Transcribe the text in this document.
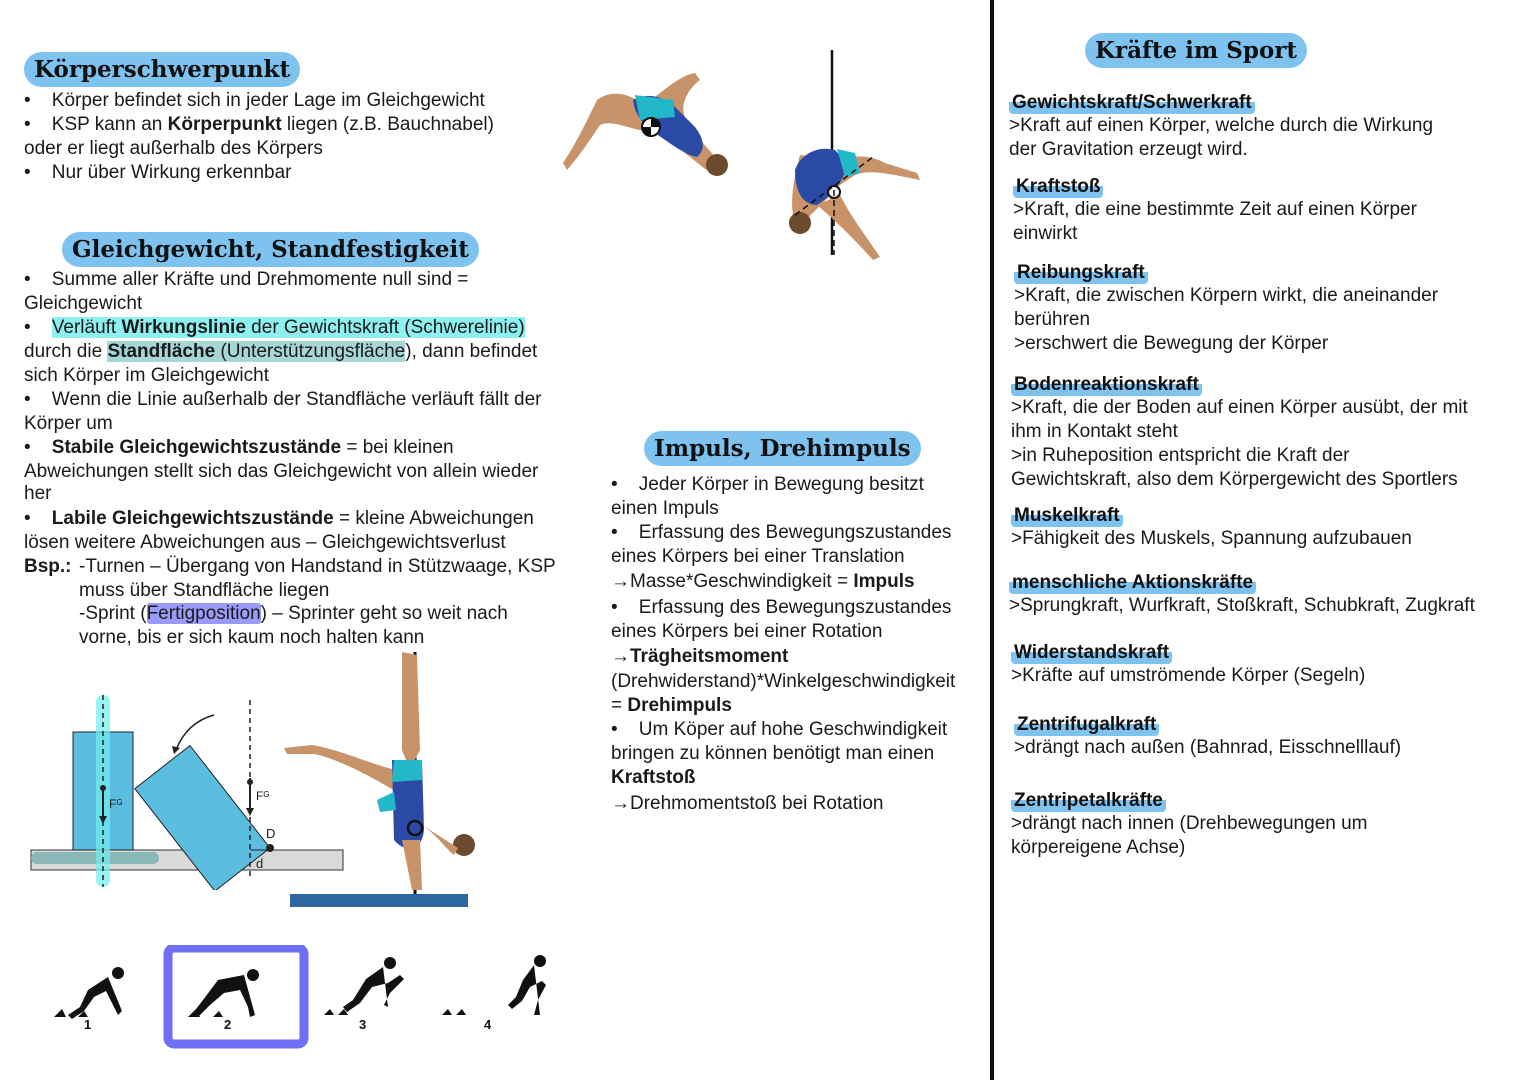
Körperschwerpunkt
•    Körper befindet sich in jeder Lage im Gleichgewicht
•    KSP kann an Körperpunkt liegen (z.B. Bauchnabel)
oder er liegt außerhalb des Körpers
•    Nur über Wirkung erkennbar
Gleichgewicht, Standfestigkeit
•    Summe aller Kräfte und Drehmomente null sind =
Gleichgewicht
•    Verläuft Wirkungslinie der Gewichtskraft (Schwerelinie)
durch die Standfläche (Unterstützungsfläche), dann befindet
sich Körper im Gleichgewicht
•    Wenn die Linie außerhalb der Standfläche verläuft fällt der
Körper um
•    Stabile Gleichgewichtszustände = bei kleinen
Abweichungen stellt sich das Gleichgewicht von allein wieder
her
•    Labile Gleichgewichtszustände = kleine Abweichungen
lösen weitere Abweichungen aus – Gleichgewichtsverlust
Bsp.: -Turnen – Übergang von Handstand in Stützwaage, KSP
muss über Standfläche liegen
-Sprint (Fertigposition) – Sprinter geht so weit nach
vorne, bis er sich kaum noch halten kann
Fᴳ
Fᴳ
D
d
1	2	3	4
Impuls, Drehimpuls
•    Jeder Körper in Bewegung besitzt
einen Impuls
•    Erfassung des Bewegungszustandes
eines Körpers bei einer Translation
→Masse*Geschwindigkeit = Impuls
•    Erfassung des Bewegungszustandes
eines Körpers bei einer Rotation
→Trägheitsmoment
(Drehwiderstand)*Winkelgeschwindigkeit
= Drehimpuls
•    Um Köper auf hohe Geschwindigkeit
bringen zu können benötigt man einen
Kraftstoß
→Drehmomentstoß bei Rotation
Kräfte im Sport
Gewichtskraft/Schwerkraft
>Kraft auf einen Körper, welche durch die Wirkung
der Gravitation erzeugt wird.
Kraftstoß
>Kraft, die eine bestimmte Zeit auf einen Körper
einwirkt
Reibungskraft
>Kraft, die zwischen Körpern wirkt, die aneinander
berühren
>erschwert die Bewegung der Körper
Bodenreaktionskraft
>Kraft, die der Boden auf einen Körper ausübt, der mit
ihm in Kontakt steht
>in Ruheposition entspricht die Kraft der
Gewichtskraft, also dem Körpergewicht des Sportlers
Muskelkraft
>Fähigkeit des Muskels, Spannung aufzubauen
menschliche Aktionskräfte
>Sprungkraft, Wurfkraft, Stoßkraft, Schubkraft, Zugkraft
Widerstandskraft
>Kräfte auf umströmende Körper (Segeln)
Zentrifugalkraft
>drängt nach außen (Bahnrad, Eisschnelllauf)
Zentripetalkräfte
>drängt nach innen (Drehbewegungen um
körpereigene Achse)
